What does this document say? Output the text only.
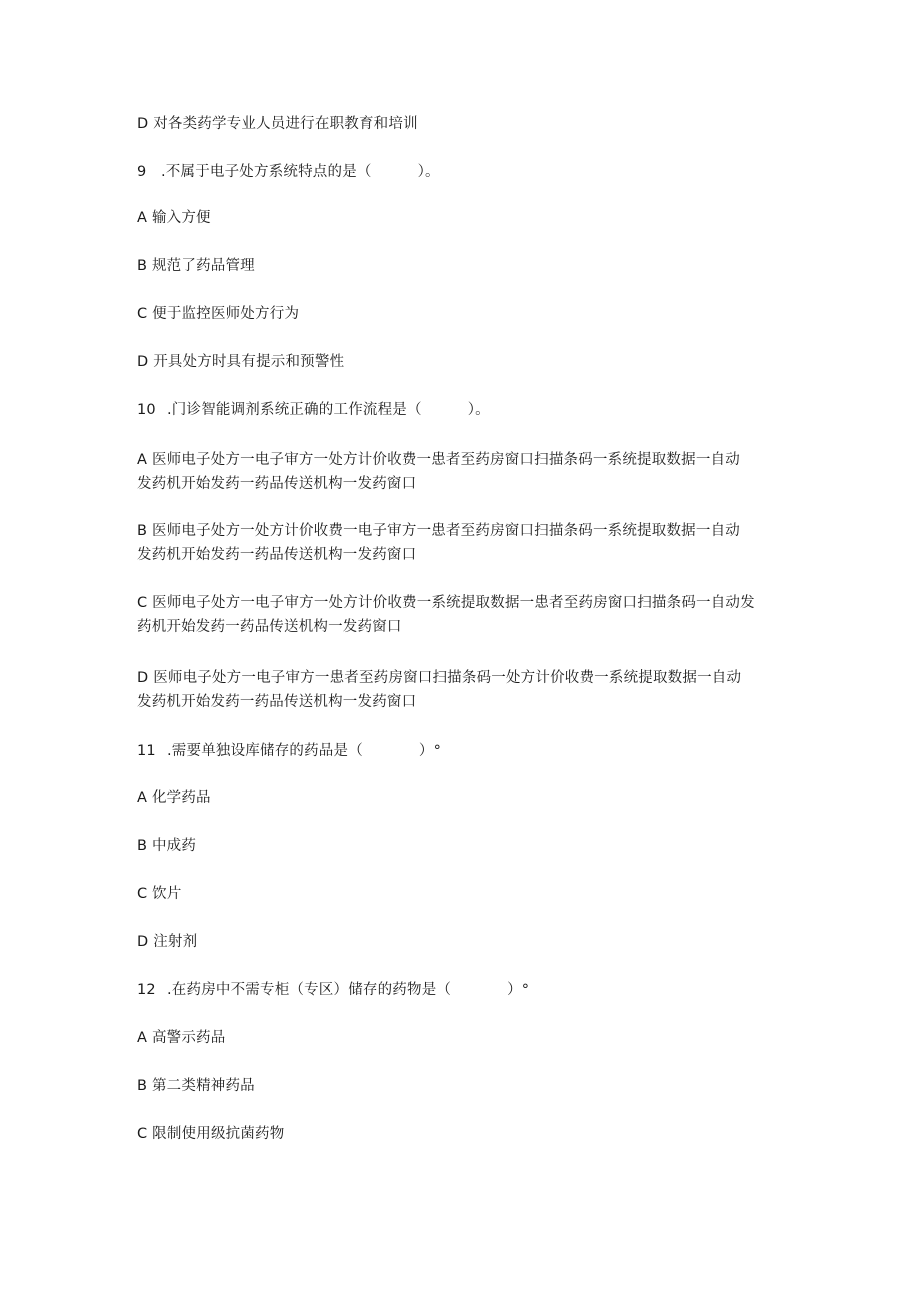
D 对各类药学专业人员进行在职教育和培训
9 .不属于电子处方系统特点的是（	）。
A 输入方便
B 规范了药品管理
C 便于监控医师处方行为
D 开具处方时具有提示和预警性
10 .门诊智能调剂系统正确的工作流程是（	）。
A 医师电子处方一电子审方一处方计价收费一患者至药房窗口扫描条码一系统提取数据一自动
发药机开始发药一药品传送机构一发药窗口
B 医师电子处方一处方计价收费一电子审方一患者至药房窗口扫描条码一系统提取数据一自动
发药机开始发药一药品传送机构一发药窗口
C 医师电子处方一电子审方一处方计价收费一系统提取数据一患者至药房窗口扫描条码一自动发
药机开始发药一药品传送机构一发药窗口
D 医师电子处方一电子审方一患者至药房窗口扫描条码一处方计价收费一系统提取数据一自动
发药机开始发药一药品传送机构一发药窗口
11 .需要单独设库储存的药品是（	）°
A 化学药品
B 中成药
C 饮片
D 注射剂
12 .在药房中不需专柜（专区）储存的药物是（	）°
A 高警示药品
B 第二类精神药品
C 限制使用级抗菌药物
